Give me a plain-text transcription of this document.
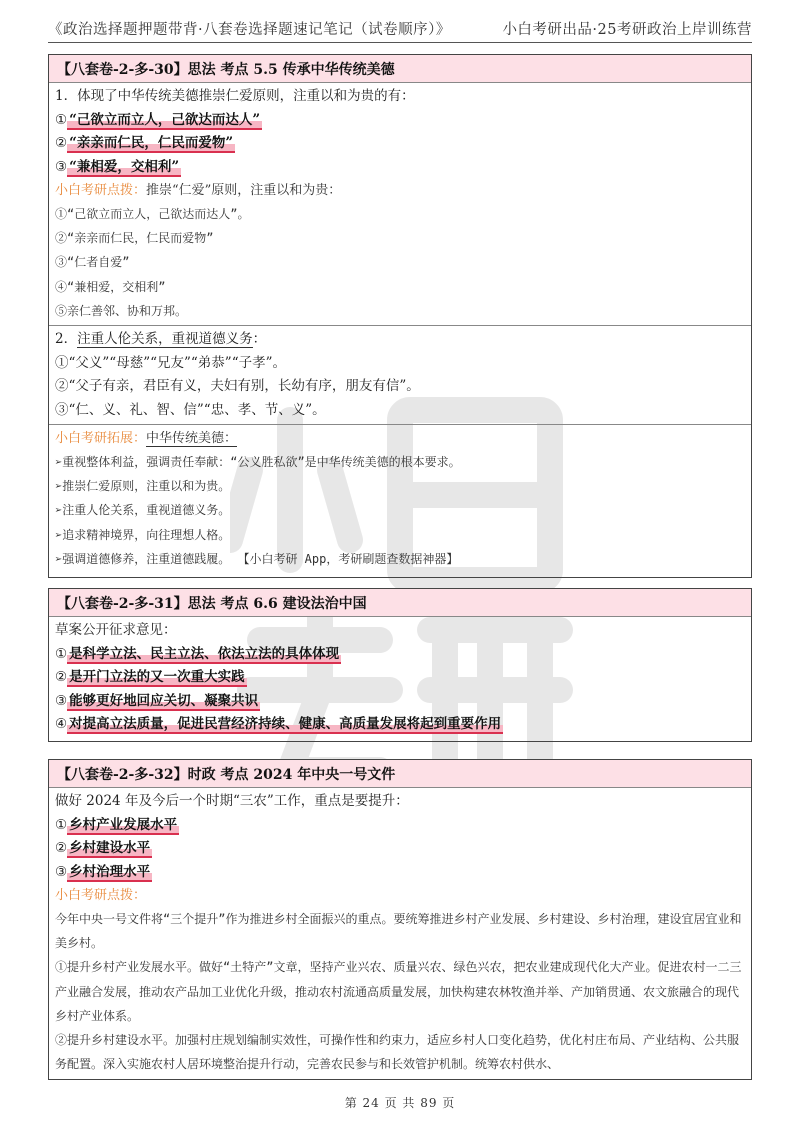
《政治选择题押题带背·八套卷选择题速记笔记（试卷顺序）》	小白考研出品·25考研政治上岸训练营
【八套卷-2-多-30】思法 考点 5.5 传承中华传统美德
1．体现了中华传统美德推崇仁爱原则，注重以和为贵的有：
① “己欲立而立人，己欲达而达人”
② “亲亲而仁民，仁民而爱物”
③ “兼相爱，交相利”
小白考研点拨：推崇“仁爱”原则，注重以和为贵：
①“己欲立而立人，己欲达而达人”。
②“亲亲而仁民，仁民而爱物”
③“仁者自爱”
④“兼相爱，交相利”
⑤亲仁善邻、协和万邦。
2．注重人伦关系，重视道德义务：
①“父义”“母慈”“兄友”“弟恭”“子孝”。
②“父子有亲，君臣有义，夫妇有别，长幼有序，朋友有信”。
③“仁、义、礼、智、信”“忠、孝、节、义”。
小白考研拓展：中华传统美德：
➢重视整体利益，强调责任奉献：“公义胜私欲”是中华传统美德的根本要求。
➢推崇仁爱原则，注重以和为贵。
➢注重人伦关系，重视道德义务。
➢追求精神境界，向往理想人格。
➢强调道德修养，注重道德践履。 【小白考研 App，考研刷题查数据神器】
【八套卷-2-多-31】思法 考点 6.6 建设法治中国
草案公开征求意见：
① 是科学立法、民主立法、依法立法的具体体现
② 是开门立法的又一次重大实践
③ 能够更好地回应关切、凝聚共识
④ 对提高立法质量，促进民营经济持续、健康、高质量发展将起到重要作用
【八套卷-2-多-32】时政 考点 2024 年中央一号文件
做好 2024 年及今后一个时期“三农”工作，重点是要提升：
① 乡村产业发展水平
② 乡村建设水平
③ 乡村治理水平
小白考研点拨：
今年中央一号文件将“三个提升”作为推进乡村全面振兴的重点。要统筹推进乡村产业发展、乡村建设、乡村治理，建设宜居宜业和美乡村。
①提升乡村产业发展水平。做好“土特产”文章，坚持产业兴农、质量兴农、绿色兴农，把农业建成现代化大产业。促进农村一二三产业融合发展，推动农产品加工业优化升级，推动农村流通高质量发展，加快构建农林牧渔并举、产加销贯通、农文旅融合的现代乡村产业体系。
②提升乡村建设水平。加强村庄规划编制实效性，可操作性和约束力，适应乡村人口变化趋势，优化村庄布局、产业结构、公共服务配置。深入实施农村人居环境整治提升行动，完善农民参与和长效管护机制。统筹农村供水、
第 24 页 共 89 页
